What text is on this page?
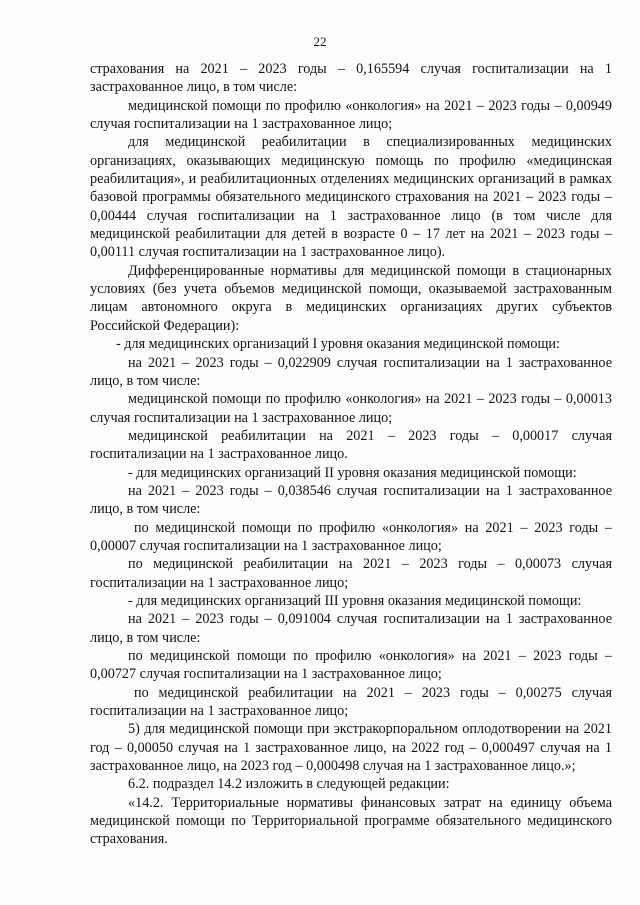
22

страхования на 2021 – 2023 годы – 0,165594 случая госпитализации на 1 застрахованное лицо, в том числе:

медицинской помощи по профилю «онкология» на 2021 – 2023 годы – 0,00949 случая госпитализации на 1 застрахованное лицо;

для медицинской реабилитации в специализированных медицинских организациях, оказывающих медицинскую помощь по профилю «медицинская реабилитация», и реабилитационных отделениях медицинских организаций в рамках базовой программы обязательного медицинского страхования на 2021 – 2023 годы – 0,00444 случая госпитализации на 1 застрахованное лицо (в том числе для медицинской реабилитации для детей в возрасте 0 – 17 лет на 2021 – 2023 годы – 0,00111 случая госпитализации на 1 застрахованное лицо).

Дифференцированные нормативы для медицинской помощи в стационарных условиях (без учета объемов медицинской помощи, оказываемой застрахованным лицам автономного округа в медицинских организациях других субъектов Российской Федерации):

- для медицинских организаций I уровня оказания медицинской помощи:

на 2021 – 2023 годы – 0,022909 случая госпитализации на 1 застрахованное лицо, в том числе:

медицинской помощи по профилю «онкология» на 2021 – 2023 годы – 0,00013 случая госпитализации на 1 застрахованное лицо;

медицинской реабилитации на 2021 – 2023 годы – 0,00017 случая госпитализации на 1 застрахованное лицо.

- для медицинских организаций II уровня оказания медицинской помощи:

на 2021 – 2023 годы – 0,038546 случая госпитализации на 1 застрахованное лицо, в том числе:

по медицинской помощи по профилю «онкология» на 2021 – 2023 годы – 0,00007 случая госпитализации на 1 застрахованное лицо;

по медицинской реабилитации на 2021 – 2023 годы – 0,00073 случая госпитализации на 1 застрахованное лицо;

- для медицинских организаций III уровня оказания медицинской помощи:

на 2021 – 2023 годы – 0,091004 случая госпитализации на 1 застрахованное лицо, в том числе:

по медицинской помощи по профилю «онкология» на 2021 – 2023 годы – 0,00727 случая госпитализации на 1 застрахованное лицо;

по медицинской реабилитации на 2021 – 2023 годы – 0,00275 случая госпитализации на 1 застрахованное лицо;

5) для медицинской помощи при экстракорпоральном оплодотворении на 2021 год – 0,00050 случая на 1 застрахованное лицо, на 2022 год – 0,000497 случая на 1 застрахованное лицо, на 2023 год – 0,000498 случая на 1 застрахованное лицо.»;

6.2. подраздел 14.2 изложить в следующей редакции:

«14.2. Территориальные нормативы финансовых затрат на единицу объема медицинской помощи по Территориальной программе обязательного медицинского страхования.
